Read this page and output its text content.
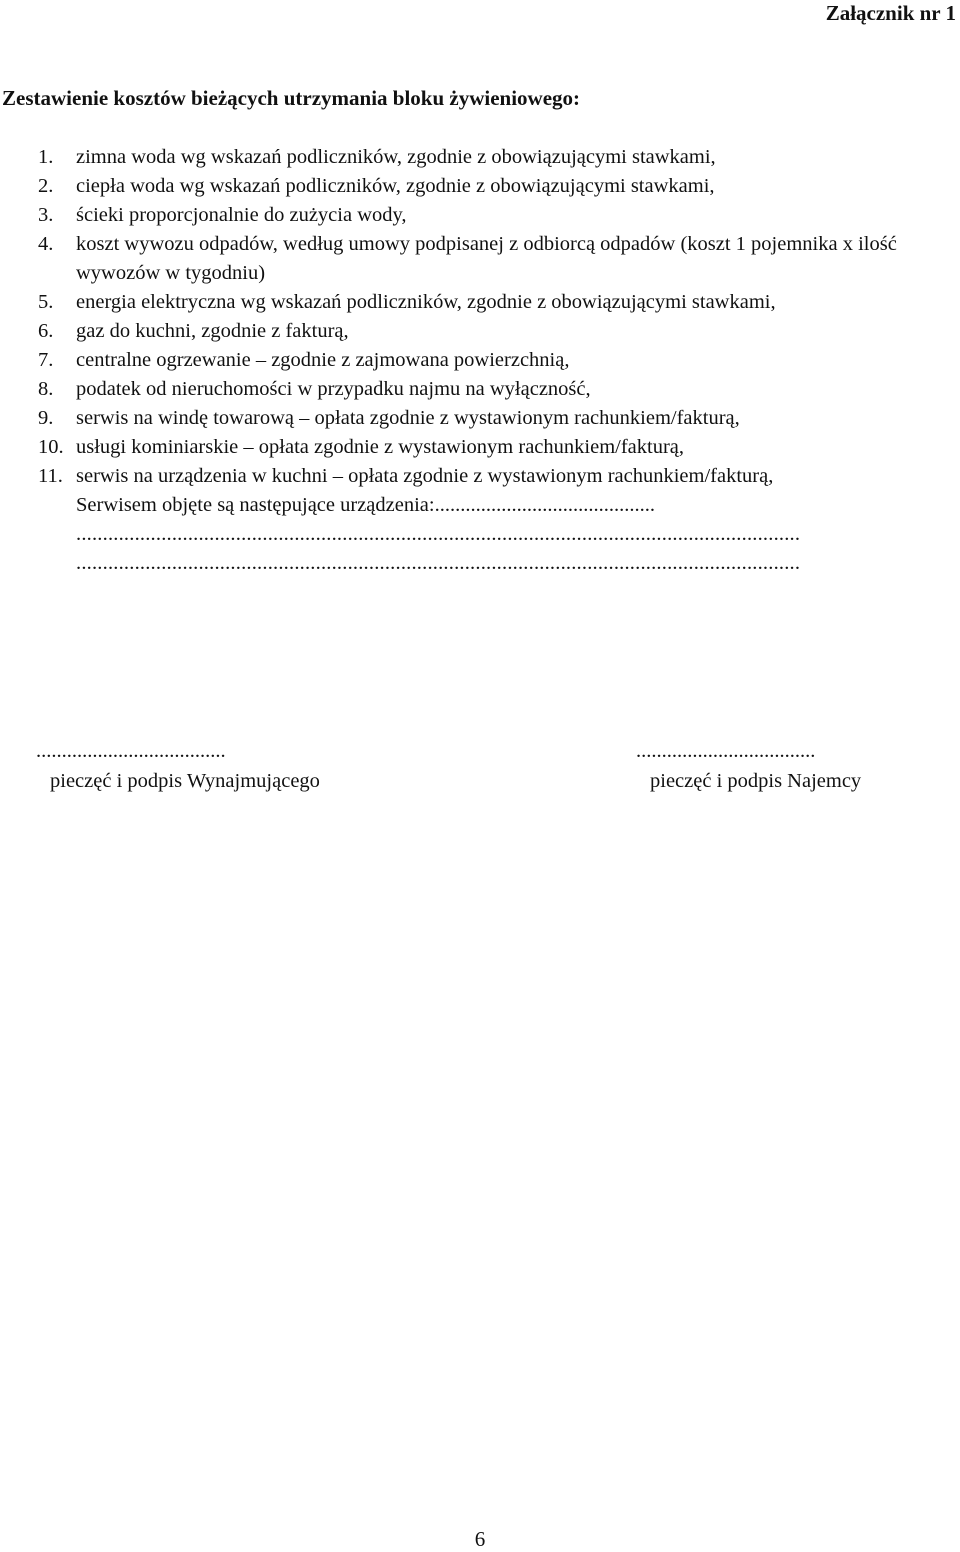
Załącznik nr 1
Zestawienie kosztów bieżących utrzymania bloku żywieniowego:
1.	zimna woda wg wskazań podliczników, zgodnie z obowiązującymi stawkami,
2.	ciepła woda wg wskazań podliczników, zgodnie z obowiązującymi stawkami,
3.	ścieki proporcjonalnie do zużycia wody,
4.	koszt wywozu odpadów, według umowy podpisanej z odbiorcą odpadów (koszt 1 pojemnika x ilość wywozów w tygodniu)
5.	energia elektryczna wg wskazań podliczników, zgodnie z obowiązującymi stawkami,
6.	gaz do kuchni, zgodnie z fakturą,
7.	centralne ogrzewanie – zgodnie z zajmowana powierzchnią,
8.	podatek od nieruchomości w przypadku najmu na wyłączność,
9.	serwis na windę towarową – opłata zgodnie z wystawionym rachunkiem/fakturą,
10. usługi kominiarskie – opłata zgodnie z wystawionym rachunkiem/fakturą,
11. serwis na urządzenia w kuchni – opłata zgodnie z wystawionym rachunkiem/fakturą,
Serwisem objęte są następujące urządzenia:...........................................
........................................................................................................................................
........................................................................................................................................
.....................................
pieczęć i podpis Wynajmującego
...................................
pieczęć i podpis Najemcy
6
